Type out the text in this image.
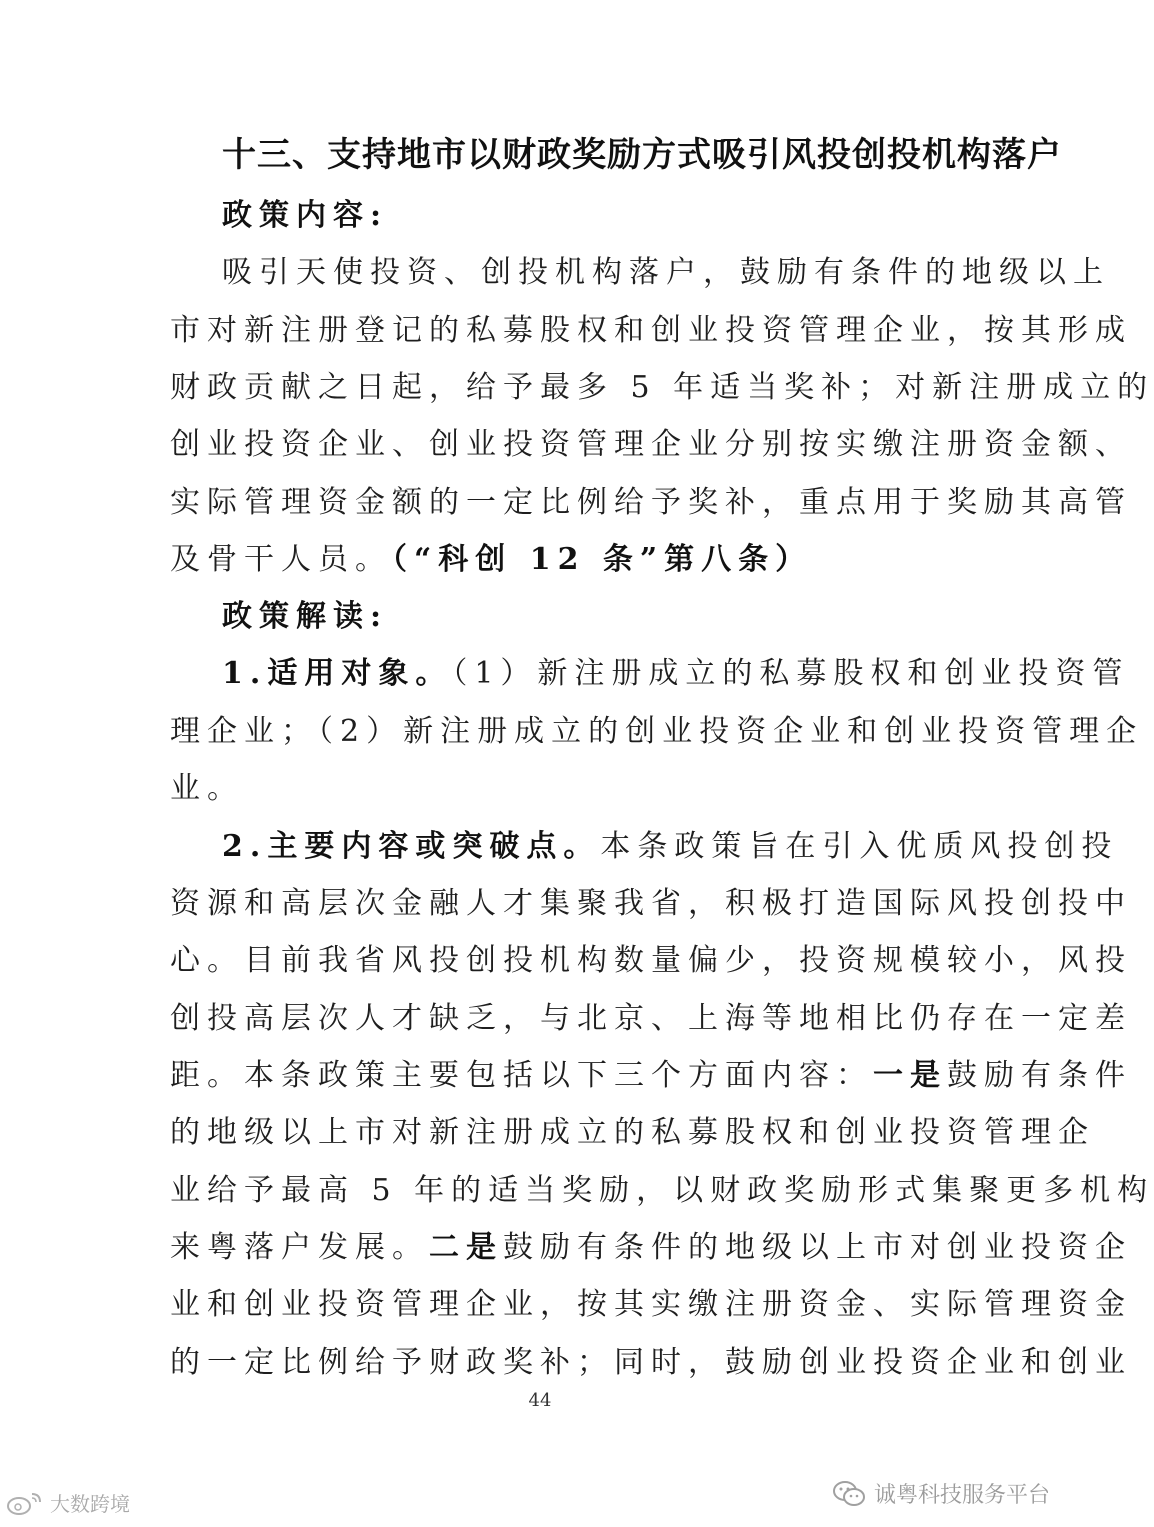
十三、支持地市以财政奖励方式吸引风投创投机构落户
政策内容:
吸引天使投资、创投机构落户，鼓励有条件的地级以上
市对新注册登记的私募股权和创业投资管理企业，按其形成
财政贡献之日起，给予最多 5 年适当奖补；对新注册成立的
创业投资企业、创业投资管理企业分别按实缴注册资金额、
实际管理资金额的一定比例给予奖补，重点用于奖励其高管
及骨干人员。（“科创 12 条”第八条）
政策解读:
1.适用对象。（1）新注册成立的私募股权和创业投资管
理企业；（2）新注册成立的创业投资企业和创业投资管理企
业。
2.主要内容或突破点。本条政策旨在引入优质风投创投
资源和高层次金融人才集聚我省，积极打造国际风投创投中
心。目前我省风投创投机构数量偏少，投资规模较小，风投
创投高层次人才缺乏，与北京、上海等地相比仍存在一定差
距。本条政策主要包括以下三个方面内容：一是鼓励有条件
的地级以上市对新注册成立的私募股权和创业投资管理企
业给予最高 5 年的适当奖励，以财政奖励形式集聚更多机构
来粤落户发展。二是鼓励有条件的地级以上市对创业投资企
业和创业投资管理企业，按其实缴注册资金、实际管理资金
的一定比例给予财政奖补；同时，鼓励创业投资企业和创业
44
诚粤科技服务平台
大数跨境
